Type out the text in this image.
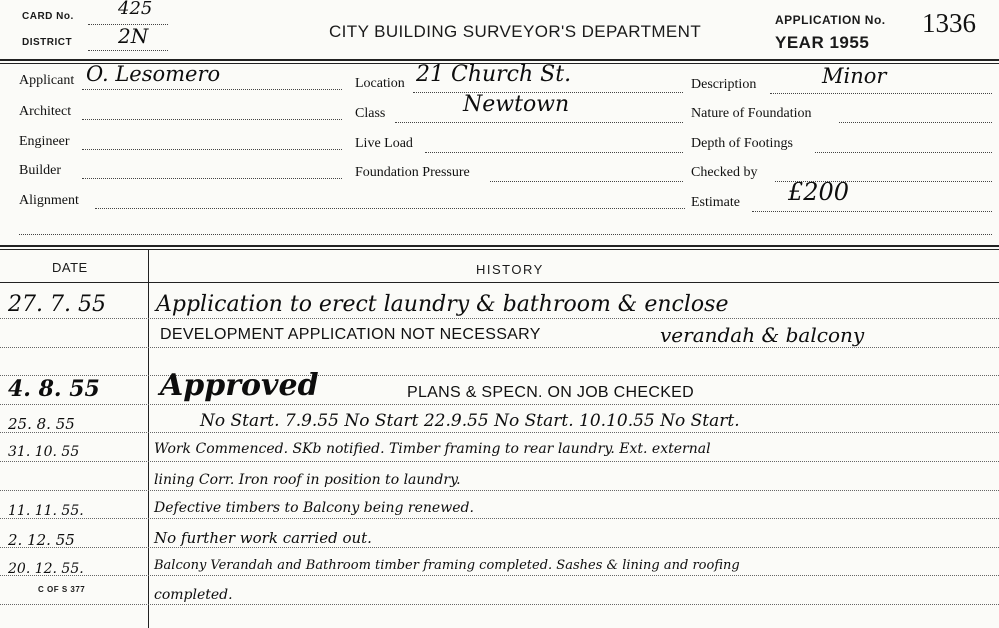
CARD No. 425
DISTRICT 2N	CITY BUILDING SURVEYOR'S DEPARTMENT
APPLICATION No. 1336
YEAR 1955
Applicant O. Lesomero
Architect
Engineer
Builder
Alignment
Location 21 Church St.
Class	Newtown
Live Load
Foundation Pressure
Description	Minor
Nature of Foundation
Depth of Footings
Checked by
Estimate £200
DATE	HISTORY
27. 7. 55 Application to erect laundry & bathroom & enclose
DEVELOPMENT APPLICATION NOT NECESSARY	verandah & balcony
4. 8. 55 Approved	PLANS & SPECN. ON JOB CHECKED
25. 8. 55	No Start. 7.9.55 No Start 22.9.55 No Start. 10.10.55 No Start.
31. 10. 55	Work Commenced. SKb notified. Timber framing to rear laundry. Ext. external
lining Corr. Iron roof in position to laundry.
11. 11. 55.	Defective timbers to Balcony being renewed.
2. 12. 55	No further work carried out.
20. 12. 55.	Balcony Verandah and Bathroom timber framing completed. Sashes & lining and roofing
completed.
C OF S 377
